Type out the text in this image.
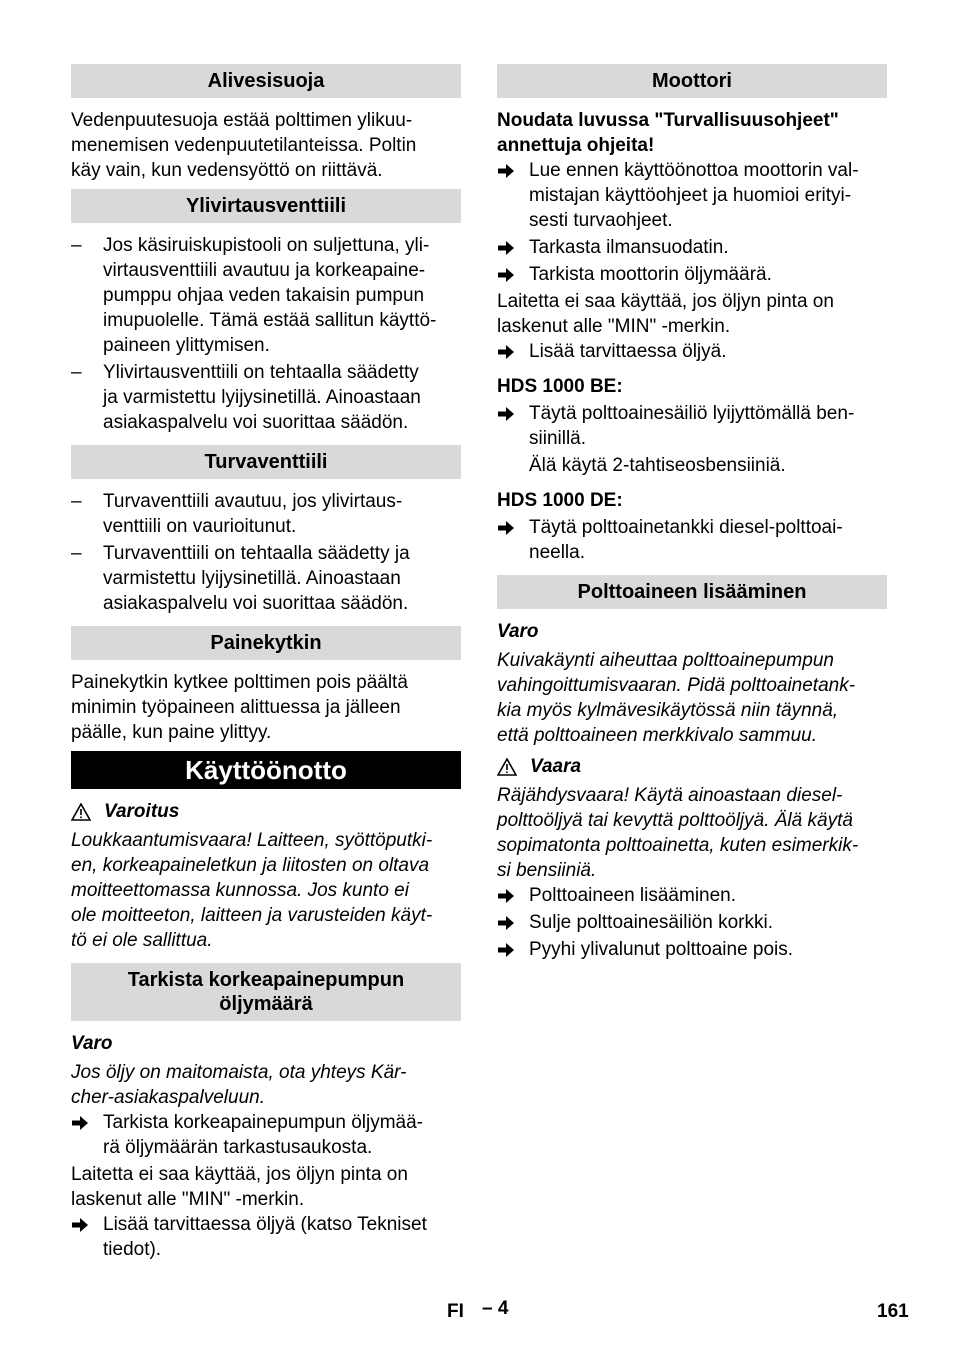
Alivesisuoja

Vedenpuutesuoja estää polttimen ylikuu-
menemisen vedenpuutetilanteissa. Poltin
käy vain, kun vedensyöttö on riittävä.

Ylivirtausventtiili
– Jos käsiruiskupistooli on suljettuna, yli-
virtausventtiili avautuu ja korkeapaine-
pumppu ohjaa veden takaisin pumpun
imupuolelle. Tämä estää sallitun käyttö-
paineen ylittymisen.
– Ylivirtausventtiili on tehtaalla säädetty
ja varmistettu lyijysinetillä. Ainoastaan
asiakaspalvelu voi suorittaa säädön.
Turvaventtiili
– Turvaventtiili avautuu, jos ylivirtaus-
venttiili on vaurioitunut.
– Turvaventtiili on tehtaalla säädetty ja
varmistettu lyijysinetillä. Ainoastaan
asiakaspalvelu voi suorittaa säädön.
Painekytkin

Painekytkin kytkee polttimen pois päältä
minimin työpaineen alittuessa ja jälleen
päälle, kun paine ylittyy.

Käyttöönotto
Varoitus

Loukkaantumisvaara! Laitteen, syöttöputki-
en, korkeapaineletkun ja liitosten on oltava
moitteettomassa kunnossa. Jos kunto ei
ole moitteeton, laitteen ja varusteiden käyt-
tö ei ole sallittua.

Tarkista korkeapainepumpun
öljymäärä

Varo

Jos öljy on maitomaista, ota yhteys Kär-
cher-asiakaspalveluun.

Tarkista korkeapainepumpun öljymää-
rä öljymäärän tarkastusaukosta.

Laitetta ei saa käyttää, jos öljyn pinta on
laskenut alle "MIN" -merkin.

Lisää tarvittaessa öljyä (katso Tekniset
tiedot).
Moottori

Noudata luvussa "Turvallisuusohjeet"
annettuja ohjeita!

Lue ennen käyttöönottoa moottorin val-
mistajan käyttöohjeet ja huomioi erityi-
sesti turvaohjeet.
Tarkasta ilmansuodatin.
Tarkista moottorin öljymäärä.

Laitetta ei saa käyttää, jos öljyn pinta on
laskenut alle "MIN" -merkin.

Lisää tarvittaessa öljyä.

HDS 1000 BE:

Täytä polttoainesäiliö lyijyttömällä ben-
siinillä.

Älä käytä 2-tahtiseosbensiiniä.

HDS 1000 DE:

Täytä polttoainetankki diesel-polttoai-
neella.
Polttoaineen lisääminen

Varo

Kuivakäynti aiheuttaa polttoainepumpun
vahingoittumisvaaran. Pidä polttoainetank-
kia myös kylmävesikäytössä niin täynnä,
että polttoaineen merkkivalo sammuu.

Vaara

Räjähdysvaara! Käytä ainoastaan diesel-
polttoöljyä tai kevyttä polttoöljyä. Älä käytä
sopimatonta polttoainetta, kuten esimerkik-
si bensiiniä.

Polttoaineen lisääminen.
Sulje polttoainesäiliön korkki.
Pyyhi ylivalunut polttoaine pois.
FI – 4	161
